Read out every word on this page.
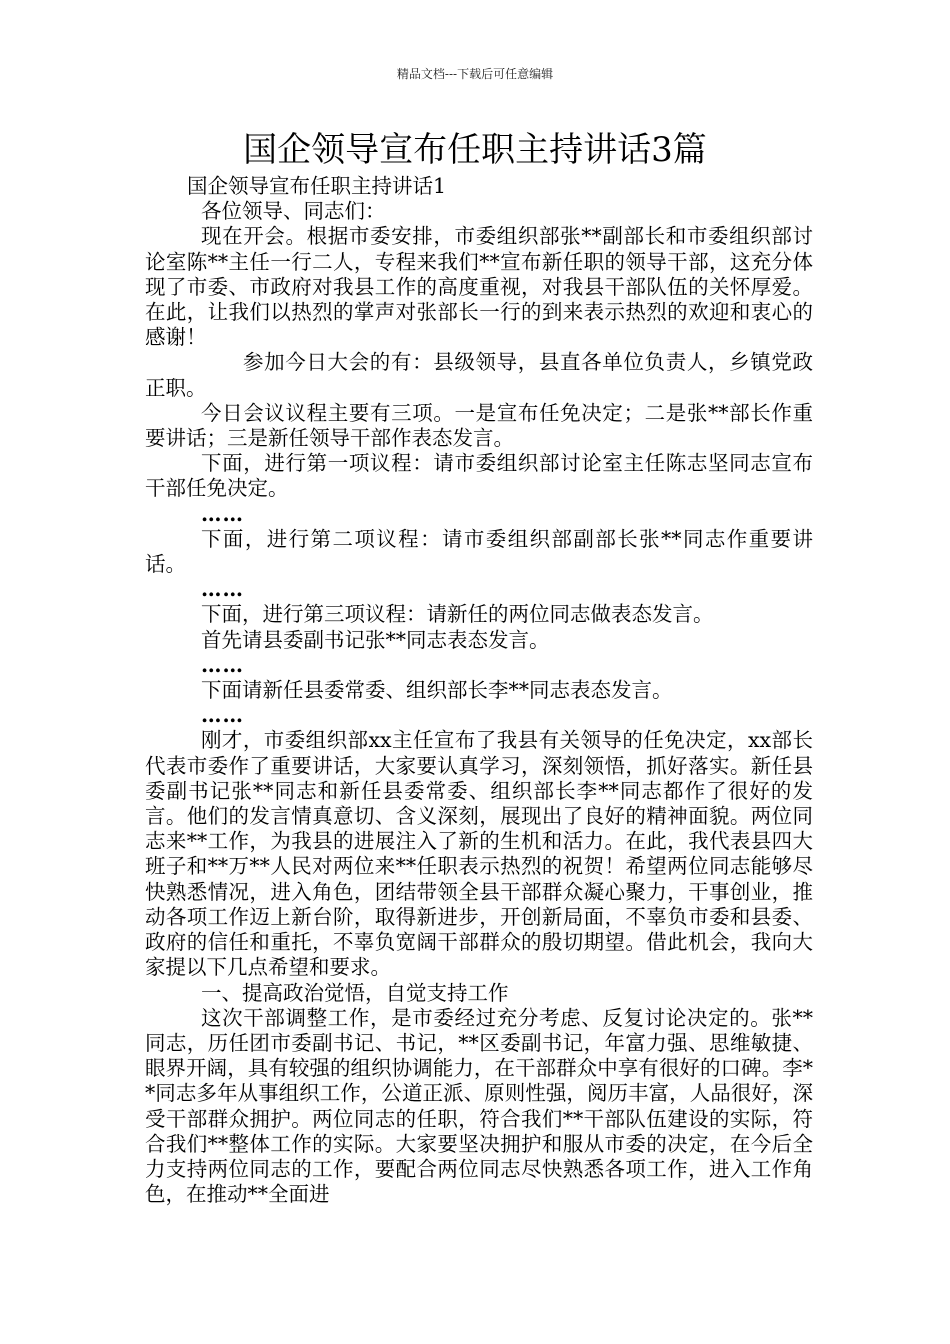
精品文档---下载后可任意编辑
国企领导宣布任职主持讲话3篇

国企领导宣布任职主持讲话1

各位领导、同志们：

现在开会。根据市委安排，市委组织部张**副部长和市委组织部讨论室陈**主任一行二人，专程来我们**宣布新任职的领导干部，这充分体现了市委、市政府对我县工作的高度重视，对我县干部队伍的关怀厚爱。在此，让我们以热烈的掌声对张部长一行的到来表示热烈的欢迎和衷心的感谢！

参加今日大会的有：县级领导，县直各单位负责人，乡镇党政正职。

今日会议议程主要有三项。一是宣布任免决定；二是张**部长作重要讲话；三是新任领导干部作表态发言。

下面，进行第一项议程：请市委组织部讨论室主任陈志坚同志宣布干部任免决定。

……

下面，进行第二项议程：请市委组织部副部长张**同志作重要讲话。

……

下面，进行第三项议程：请新任的两位同志做表态发言。

首先请县委副书记张**同志表态发言。

……

下面请新任县委常委、组织部长李**同志表态发言。

……

刚才，市委组织部xx主任宣布了我县有关领导的任免决定，xx部长代表市委作了重要讲话，大家要认真学习，深刻领悟，抓好落实。新任县委副书记张**同志和新任县委常委、组织部长李**同志都作了很好的发言。他们的发言情真意切、含义深刻，展现出了良好的精神面貌。两位同志来**工作，为我县的进展注入了新的生机和活力。在此，我代表县四大班子和**万**人民对两位来**任职表示热烈的祝贺！希望两位同志能够尽快熟悉情况，进入角色，团结带领全县干部群众凝心聚力，干事创业，推动各项工作迈上新台阶，取得新进步，开创新局面，不辜负市委和县委、政府的信任和重托，不辜负宽阔干部群众的殷切期望。借此机会，我向大家提以下几点希望和要求。

一、提高政治觉悟，自觉支持工作

这次干部调整工作，是市委经过充分考虑、反复讨论决定的。张**同志，历任团市委副书记、书记，**区委副书记，年富力强、思维敏捷、眼界开阔，具有较强的组织协调能力，在干部群众中享有很好的口碑。李**同志多年从事组织工作，公道正派、原则性强，阅历丰富，人品很好，深受干部群众拥护。两位同志的任职，符合我们**干部队伍建设的实际，符合我们**整体工作的实际。大家要坚决拥护和服从市委的决定，在今后全力支持两位同志的工作，要配合两位同志尽快熟悉各项工作，进入工作角色，在推动**全面进
